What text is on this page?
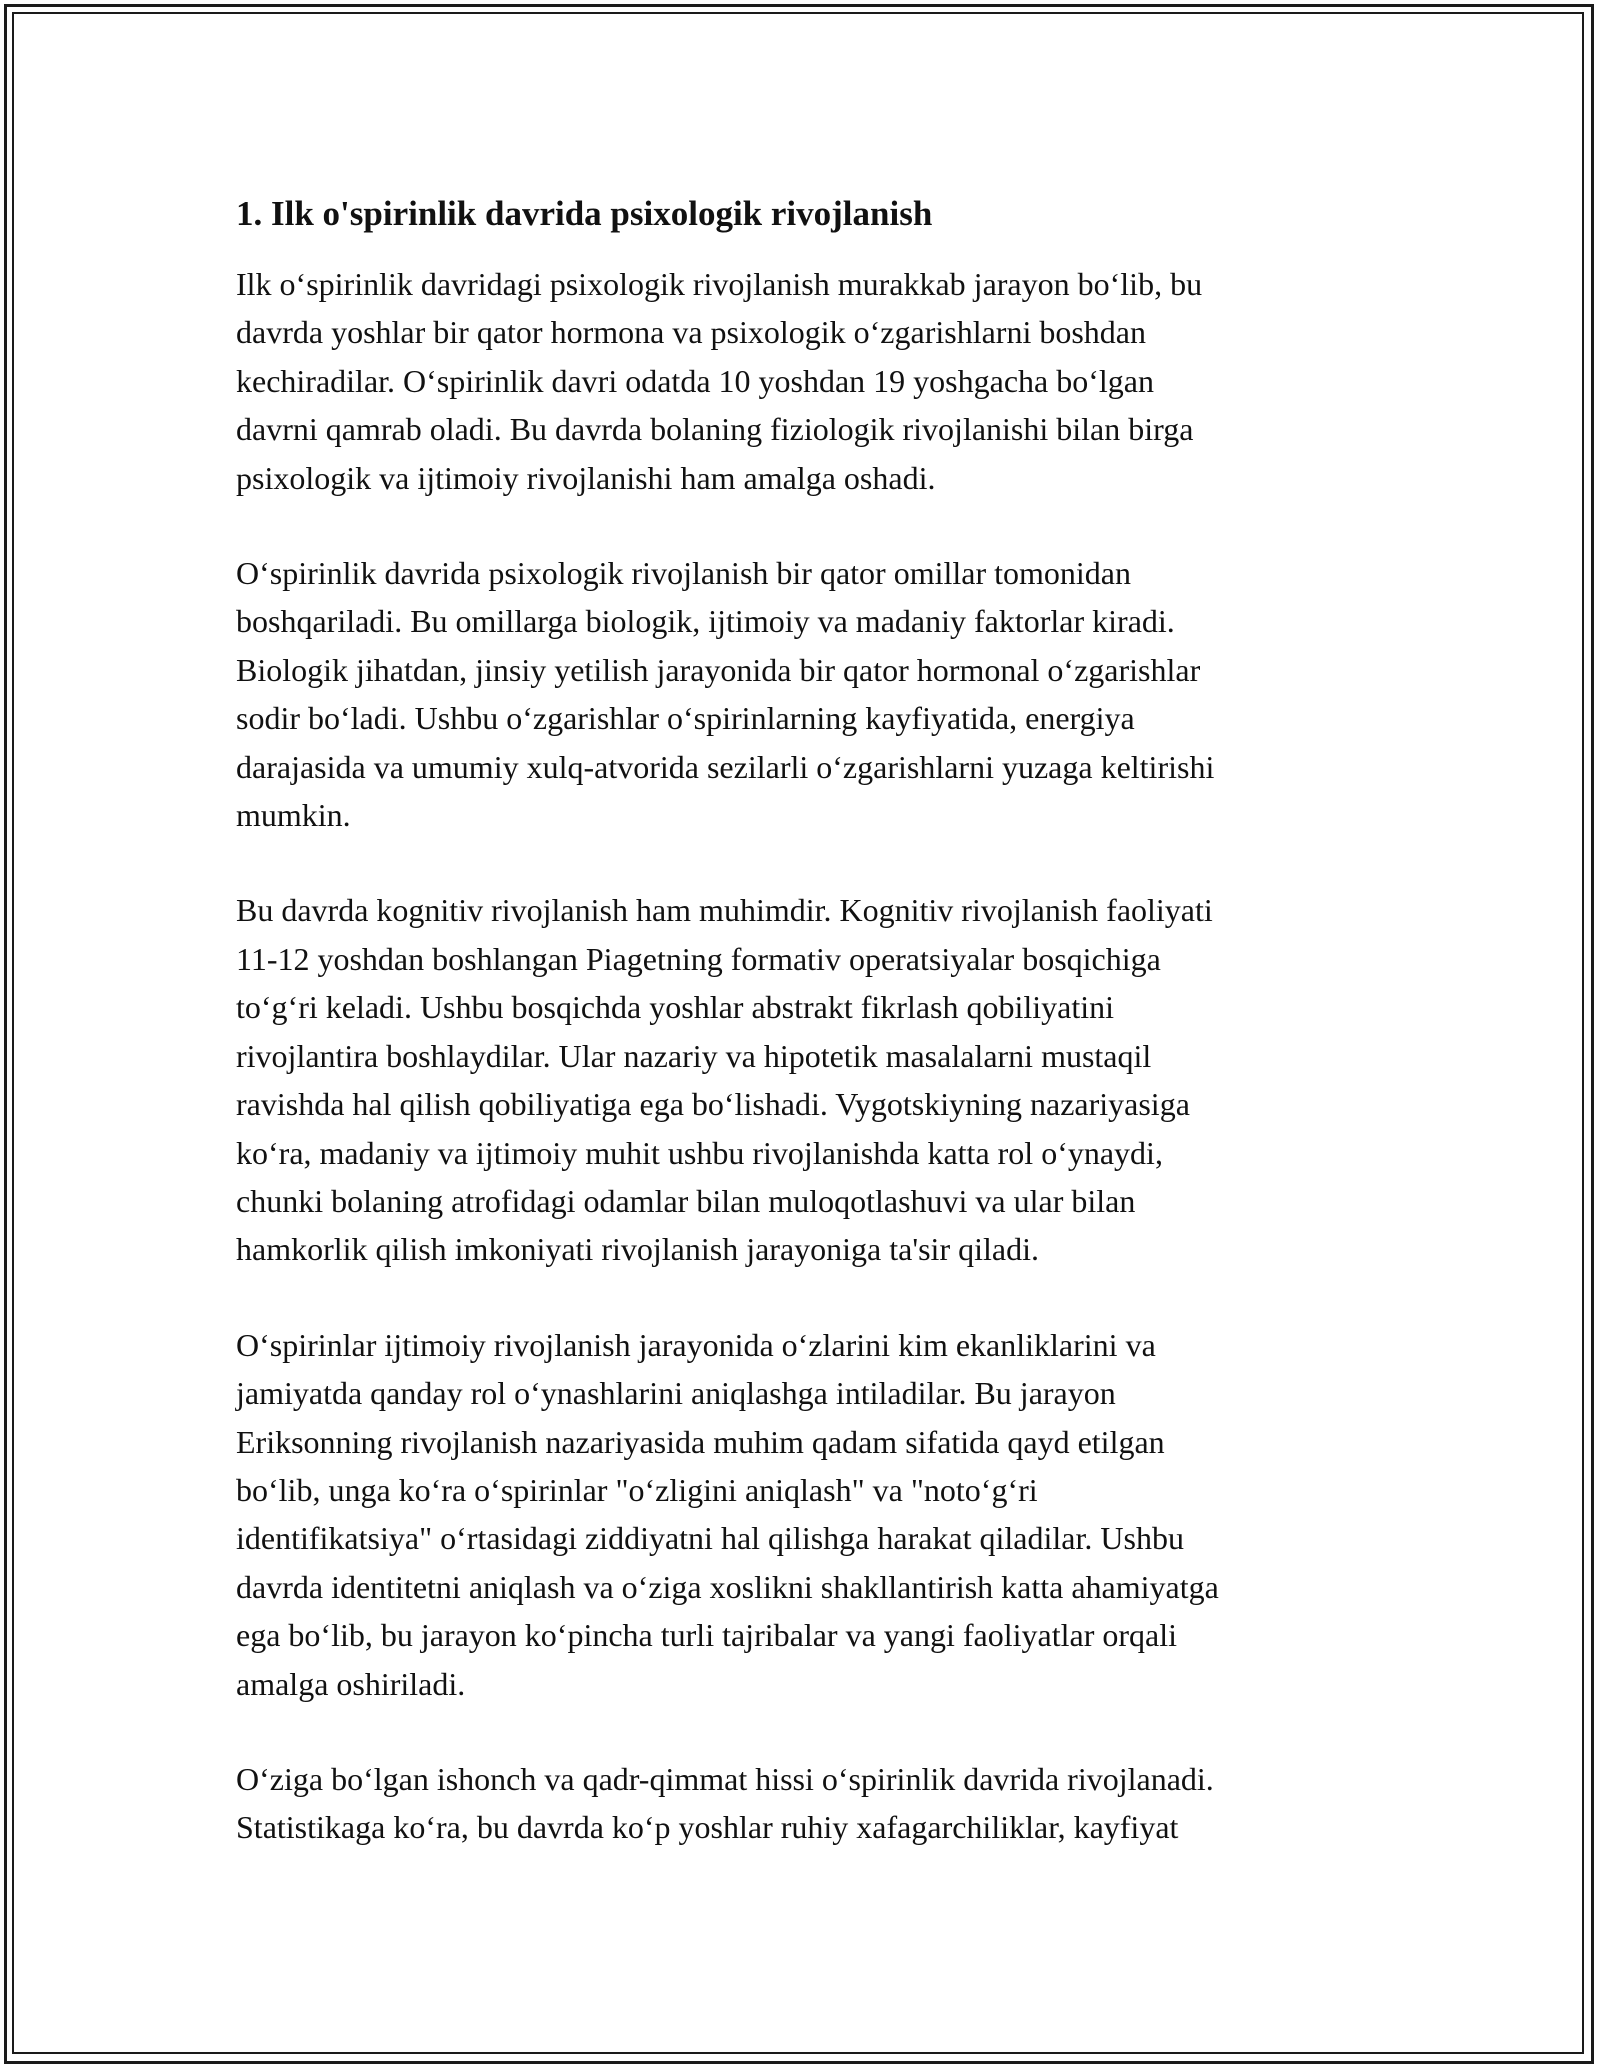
1. Ilk o'spirinlik davrida psixologik rivojlanish

Ilk oʻspirinlik davridagi psixologik rivojlanish murakkab jarayon boʻlib, bu
davrda yoshlar bir qator hormona va psixologik oʻzgarishlarni boshdan
kechiradilar. Oʻspirinlik davri odatda 10 yoshdan 19 yoshgacha boʻlgan
davrni qamrab oladi. Bu davrda bolaning fiziologik rivojlanishi bilan birga
psixologik va ijtimoiy rivojlanishi ham amalga oshadi.

Oʻspirinlik davrida psixologik rivojlanish bir qator omillar tomonidan
boshqariladi. Bu omillarga biologik, ijtimoiy va madaniy faktorlar kiradi.
Biologik jihatdan, jinsiy yetilish jarayonida bir qator hormonal oʻzgarishlar
sodir boʻladi. Ushbu oʻzgarishlar oʻspirinlarning kayfiyatida, energiya
darajasida va umumiy xulq-atvorida sezilarli oʻzgarishlarni yuzaga keltirishi
mumkin.

Bu davrda kognitiv rivojlanish ham muhimdir. Kognitiv rivojlanish faoliyati
11-12 yoshdan boshlangan Piagetning formativ operatsiyalar bosqichiga
toʻgʻri keladi. Ushbu bosqichda yoshlar abstrakt fikrlash qobiliyatini
rivojlantira boshlaydilar. Ular nazariy va hipotetik masalalarni mustaqil
ravishda hal qilish qobiliyatiga ega boʻlishadi. Vygotskiyning nazariyasiga
koʻra, madaniy va ijtimoiy muhit ushbu rivojlanishda katta rol oʻynaydi,
chunki bolaning atrofidagi odamlar bilan muloqotlashuvi va ular bilan
hamkorlik qilish imkoniyati rivojlanish jarayoniga ta'sir qiladi.

Oʻspirinlar ijtimoiy rivojlanish jarayonida oʻzlarini kim ekanliklarini va
jamiyatda qanday rol oʻynashlarini aniqlashga intiladilar. Bu jarayon
Eriksonning rivojlanish nazariyasida muhim qadam sifatida qayd etilgan
boʻlib, unga koʻra oʻspirinlar "oʻzligini aniqlash" va "notoʻgʻri
identifikatsiya" oʻrtasidagi ziddiyatni hal qilishga harakat qiladilar. Ushbu
davrda identitetni aniqlash va oʻziga xoslikni shakllantirish katta ahamiyatga
ega boʻlib, bu jarayon koʻpincha turli tajribalar va yangi faoliyatlar orqali
amalga oshiriladi.

Oʻziga boʻlgan ishonch va qadr-qimmat hissi oʻspirinlik davrida rivojlanadi.
Statistikaga koʻra, bu davrda koʻp yoshlar ruhiy xafagarchiliklar, kayfiyat
